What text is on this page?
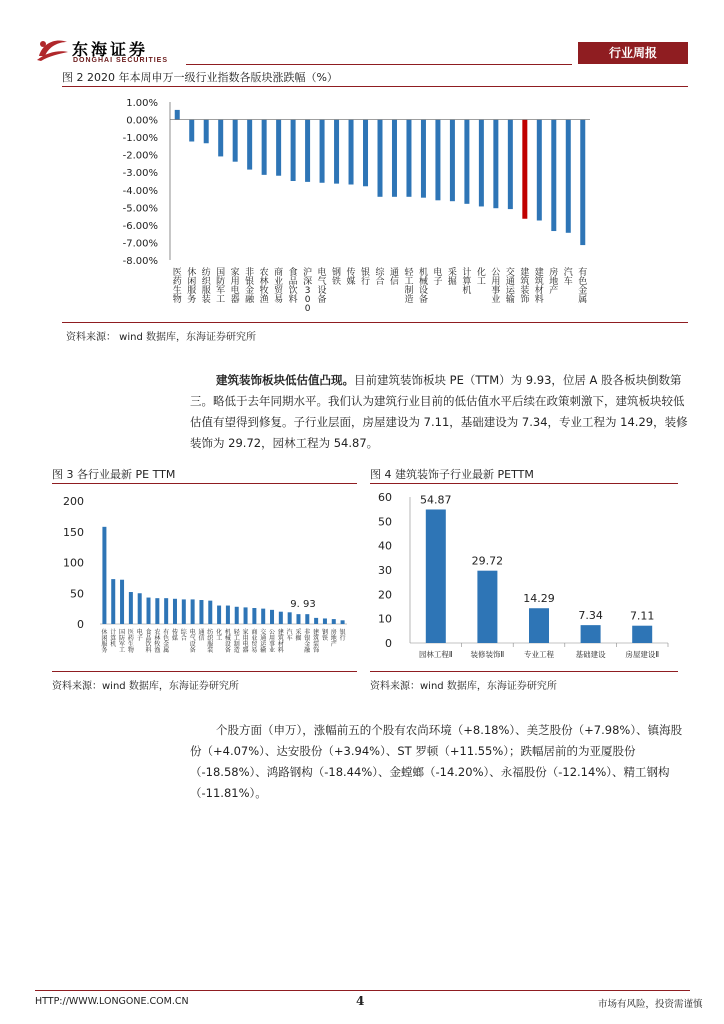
东海证券
DONGHAI SECURITIES
行业周报
图 2 2020 年本周申万一级行业指数各版块涨跌幅（%）
1.00%
0.00%
-1.00%
-2.00%
-3.00%
-4.00%
-5.00%
-6.00%
-7.00%
-8.00%
医药生物
休闲服务
纺织服装
国防军工
家用电器
非银金融
农林牧渔
商业贸易
食品饮料
沪深 3 0 0
电气设备
钢铁
传媒
银行
综合
通信
轻工制造
机械设备
电子
采掘
计算机
化工
公用事业
交通运输
建筑装饰
建筑材料
房地产
汽车
有色金属
资料来源： wind 数据库，东海证券研究所
建筑装饰板块低估值凸现。目前建筑装饰板块 PE（TTM）为 9.93，位居 A 股各板块倒数第三。略低于去年同期水平。我们认为建筑行业目前的低估值水平后续在政策刺激下，建筑板块较低估值有望得到修复。子行业层面，房屋建设为 7.11，基础建设为 7.34，专业工程为 14.29，装修装饰为 29.72，园林工程为 54.87。
图 3 各行业最新 PE TTM
200
150
100
50
0
休闲服务
计算机
国防军工
医药生物
电子
食品饮料
农林牧渔
有色金属
传媒
综合
电气设备
通信
纺织服装
化工
机械设备
轻工制造
家用电器
商业贸易
交通运输
公用事业
建筑材料
汽车
采掘
非银金融
建筑装饰
钢铁
房地产
银行
9. 93
资料来源：wind 数据库，东海证券研究所
图 4 建筑装饰子行业最新 PETTM
60
50
40
30
20
10
0
54.87
29.72
14.29
7.34 7.11
园林工程Ⅱ 装修装饰Ⅱ	专业工程	基础建设	房屋建设Ⅱ
资料来源：wind 数据库，东海证券研究所
个股方面（申万），涨幅前五的个股有农尚环境（+8.18%）、美芝股份（+7.98%）、镇海股份（+4.07%）、达安股份（+3.94%）、ST 罗顿（+11.55%）；跌幅居前的为亚厦股份（-18.58%）、鸿路钢构（-18.44%）、金螳螂（-14.20%）、永福股份（-12.14%）、精工钢构（-11.81%）。
HTTP://WWW.LONGONE.COM.CN	4	市场有风险，投资需谨慎
